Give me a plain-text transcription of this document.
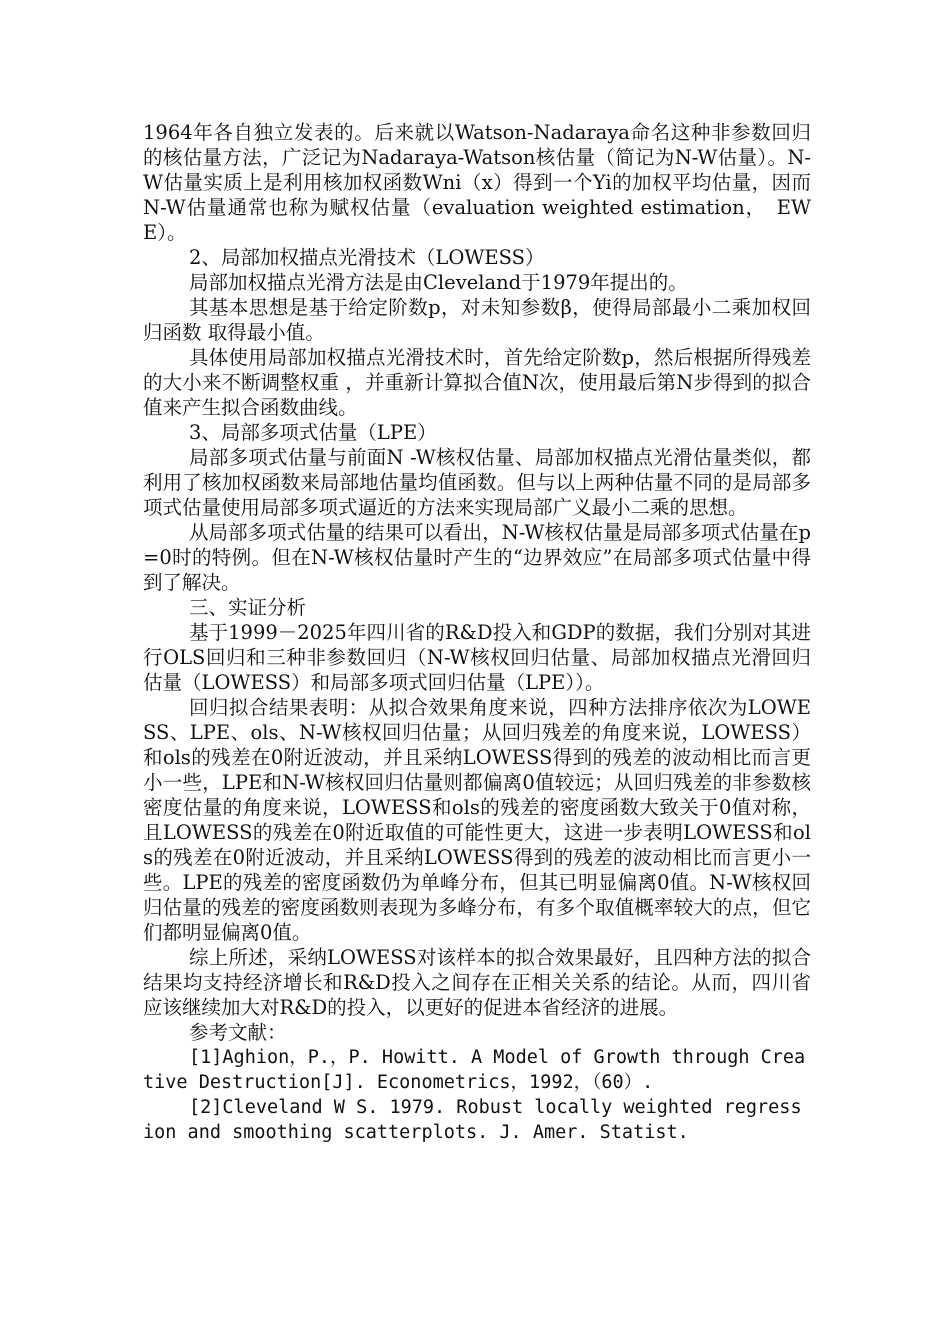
1964年各自独立发表的。后来就以Watson-Nadaraya命名这种非参数回归的核估量方法，广泛记为Nadaraya-Watson核估量（简记为N-W估量）。N-W估量实质上是利用核加权函数Wni（x）得到一个Yi的加权平均估量，因而N-W估量通常也称为赋权估量（evaluation weighted estimation，　EWE）。

2、局部加权描点光滑技术（LOWESS）

局部加权描点光滑方法是由Cleveland于1979年提出的。

其基本思想是基于给定阶数p，对未知参数β，使得局部最小二乘加权回归函数 取得最小值。

具体使用局部加权描点光滑技术时，首先给定阶数p，然后根据所得残差的大小来不断调整权重 ，并重新计算拟合值N次，使用最后第N步得到的拟合值来产生拟合函数曲线。

3、局部多项式估量（LPE）

局部多项式估量与前面N -W核权估量、局部加权描点光滑估量类似，都利用了核加权函数来局部地估量均值函数。但与以上两种估量不同的是局部多项式估量使用局部多项式逼近的方法来实现局部广义最小二乘的思想。

从局部多项式估量的结果可以看出，N-W核权估量是局部多项式估量在p=0时的特例。但在N-W核权估量时产生的“边界效应”在局部多项式估量中得到了解决。

三、实证分析

基于1999－2025年四川省的R&D投入和GDP的数据，我们分别对其进行OLS回归和三种非参数回归（N-W核权回归估量、局部加权描点光滑回归估量（LOWESS）和局部多项式回归估量（LPE））。

回归拟合结果表明：从拟合效果角度来说，四种方法排序依次为LOWESS、LPE、ols、N-W核权回归估量；从回归残差的角度来说，LOWESS）和ols的残差在0附近波动，并且采纳LOWESS得到的残差的波动相比而言更小一些，LPE和N-W核权回归估量则都偏离0值较远；从回归残差的非参数核密度估量的角度来说，LOWESS和ols的残差的密度函数大致关于0值对称，且LOWESS的残差在0附近取值的可能性更大，这进一步表明LOWESS和ols的残差在0附近波动，并且采纳LOWESS得到的残差的波动相比而言更小一些。LPE的残差的密度函数仍为单峰分布，但其已明显偏离0值。N-W核权回归估量的残差的密度函数则表现为多峰分布，有多个取值概率较大的点，但它们都明显偏离0值。

综上所述，采纳LOWESS对该样本的拟合效果最好，且四种方法的拟合结果均支持经济增长和R&D投入之间存在正相关关系的结论。从而，四川省应该继续加大对R&D的投入，以更好的促进本省经济的进展。

参考文献：

[1]Aghion，P.，P. Howitt. A Model of Growth through Creative Destruction[J]. Econometrics，1992，（60）.

[2]Cleveland W S. 1979. Robust locally weighted regression and smoothing scatterplots. J. Amer. Statist.
